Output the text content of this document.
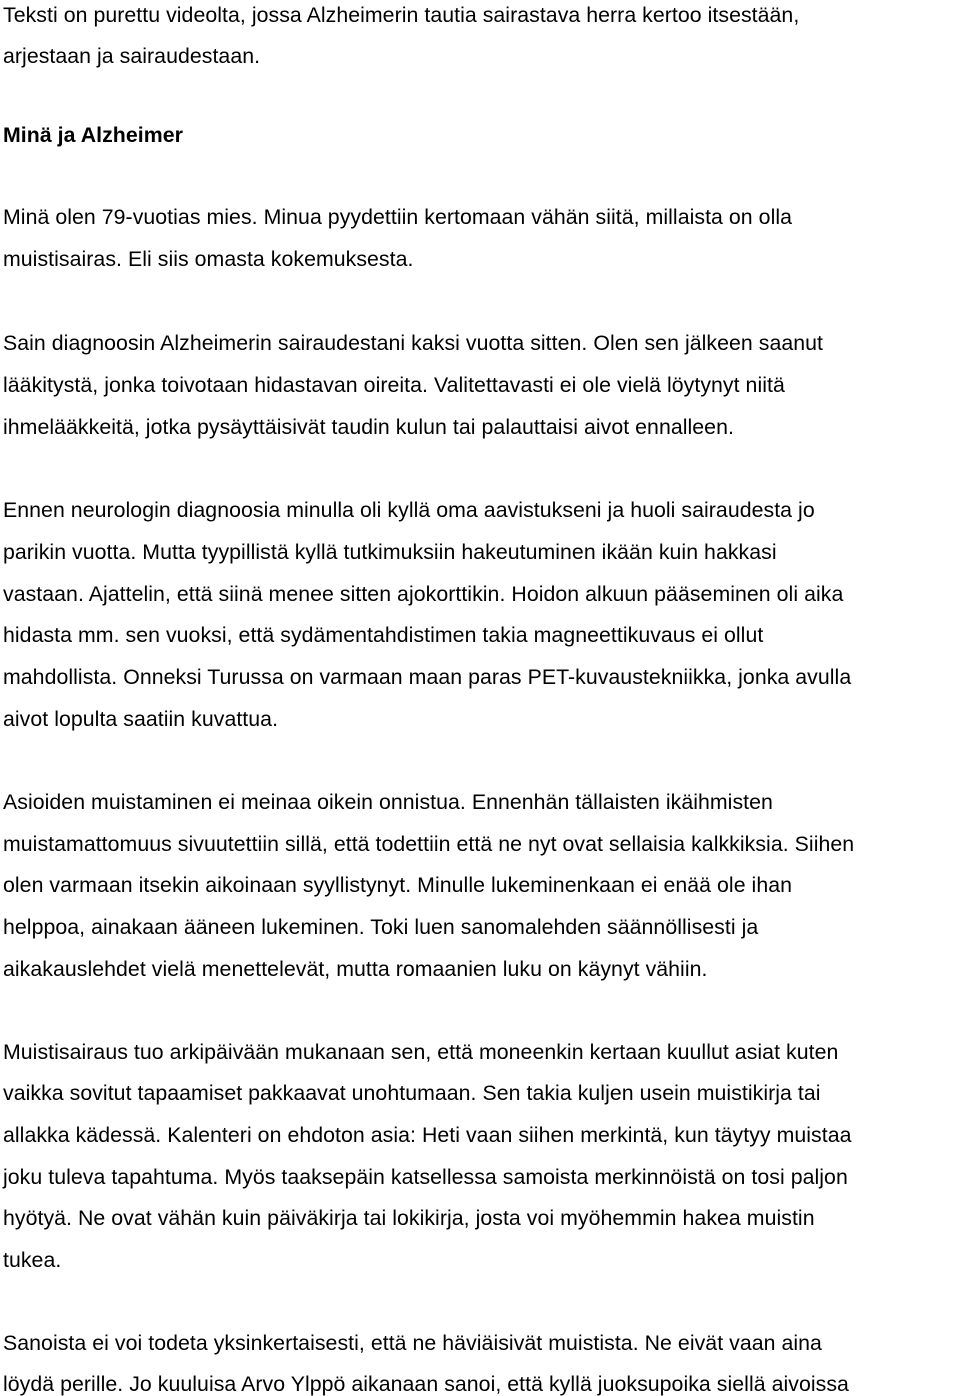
Teksti on purettu videolta, jossa Alzheimerin tautia sairastava herra kertoo itsestään,
arjestaan ja sairaudestaan.
Minä ja Alzheimer
Minä olen 79-vuotias mies. Minua pyydettiin kertomaan vähän siitä, millaista on olla
muistisairas. Eli siis omasta kokemuksesta.
Sain diagnoosin Alzheimerin sairaudestani kaksi vuotta sitten. Olen sen jälkeen saanut
lääkitystä, jonka toivotaan hidastavan oireita. Valitettavasti ei ole vielä löytynyt niitä
ihmelääkkeitä, jotka pysäyttäisivät taudin kulun tai palauttaisi aivot ennalleen.
Ennen neurologin diagnoosia minulla oli kyllä oma aavistukseni ja huoli sairaudesta jo
parikin vuotta. Mutta tyypillistä kyllä tutkimuksiin hakeutuminen ikään kuin hakkasi
vastaan. Ajattelin, että siinä menee sitten ajokorttikin. Hoidon alkuun pääseminen oli aika
hidasta mm. sen vuoksi, että sydämentahdistimen takia magneettikuvaus ei ollut
mahdollista. Onneksi Turussa on varmaan maan paras PET-kuvaustekniikka, jonka avulla
aivot lopulta saatiin kuvattua.
Asioiden muistaminen ei meinaa oikein onnistua. Ennenhän tällaisten ikäihmisten
muistamattomuus sivuutettiin sillä, että todettiin että ne nyt ovat sellaisia kalkkiksia. Siihen
olen varmaan itsekin aikoinaan syyllistynyt. Minulle lukeminenkaan ei enää ole ihan
helppoa, ainakaan ääneen lukeminen. Toki luen sanomalehden säännöllisesti ja
aikakauslehdet vielä menettelevät, mutta romaanien luku on käynyt vähiin.
Muistisairaus tuo arkipäivään mukanaan sen, että moneenkin kertaan kuullut asiat kuten
vaikka sovitut tapaamiset pakkaavat unohtumaan. Sen takia kuljen usein muistikirja tai
allakka kädessä. Kalenteri on ehdoton asia: Heti vaan siihen merkintä, kun täytyy muistaa
joku tuleva tapahtuma. Myös taaksepäin katsellessa samoista merkinnöistä on tosi paljon
hyötyä. Ne ovat vähän kuin päiväkirja tai lokikirja, josta voi myöhemmin hakea muistin
tukea.
Sanoista ei voi todeta yksinkertaisesti, että ne häviäisivät muistista. Ne eivät vaan aina
löydä perille. Jo kuuluisa Arvo Ylppö aikanaan sanoi, että kyllä juoksupoika siellä aivoissa
